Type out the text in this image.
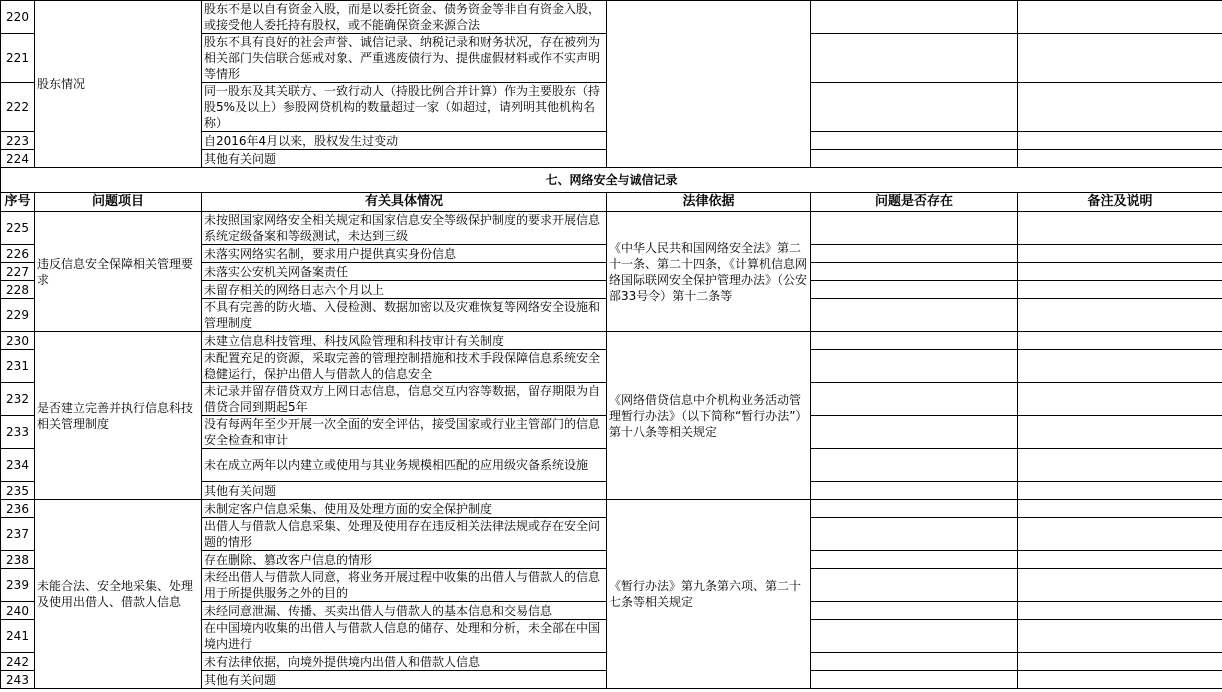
220	股东情况	股东不是以自有资金入股，而是以委托资金、债务资金等非自有资金入股，或接受他人委托持有股权，或不能确保资金来源合法			
221		股东不具有良好的社会声誉、诚信记录、纳税记录和财务状况，存在被列为相关部门失信联合惩戒对象、严重逃废债行为、提供虚假材料或作不实声明等情形			
222		同一股东及其关联方、一致行动人（持股比例合并计算）作为主要股东（持股5%及以上）参股网贷机构的数量超过一家（如超过，请列明其他机构名称）			
223		自2016年4月以来，股权发生过变动			
224		其他有关问题			
七、网络安全与诚信记录					
序号	问题项目	有关具体情况	法律依据	问题是否存在	备注及说明
225	违反信息安全保障相关管理要求	未按照国家网络安全相关规定和国家信息安全等级保护制度的要求开展信息系统定级备案和等级测试，未达到三级	《中华人民共和国网络安全法》第二十一条、第二十四条，《计算机信息网络国际联网安全保护管理办法》（公安部33号令）第十二条等		
226		未落实网络实名制，要求用户提供真实身份信息			
227		未落实公安机关网备案责任			
228		未留存相关的网络日志六个月以上			
229		不具有完善的防火墙、入侵检测、数据加密以及灾难恢复等网络安全设施和管理制度			
230	是否建立完善并执行信息科技相关管理制度	未建立信息科技管理、科技风险管理和科技审计有关制度	《网络借贷信息中介机构业务活动管理暂行办法》（以下简称“暂行办法”）第十八条等相关规定		
231		未配置充足的资源，采取完善的管理控制措施和技术手段保障信息系统安全稳健运行，保护出借人与借款人的信息安全			
232		未记录并留存借贷双方上网日志信息，信息交互内容等数据，留存期限为自借贷合同到期起5年			
233		没有每两年至少开展一次全面的安全评估，接受国家或行业主管部门的信息安全检查和审计			
234		未在成立两年以内建立或使用与其业务规模相匹配的应用级灾备系统设施			
235		其他有关问题			
236	未能合法、安全地采集、处理及使用出借人、借款人信息	未制定客户信息采集、使用及处理方面的安全保护制度	《暂行办法》第九条第六项、第二十七条等相关规定		
237		出借人与借款人信息采集、处理及使用存在违反相关法律法规或存在安全问题的情形			
238		存在删除、篡改客户信息的情形			
239		未经出借人与借款人同意，将业务开展过程中收集的出借人与借款人的信息用于所提供服务之外的目的			
240		未经同意泄漏、传播、买卖出借人与借款人的基本信息和交易信息			
241		在中国境内收集的出借人与借款人信息的储存、处理和分析，未全部在中国境内进行			
242		未有法律依据，向境外提供境内出借人和借款人信息			
243		其他有关问题			
